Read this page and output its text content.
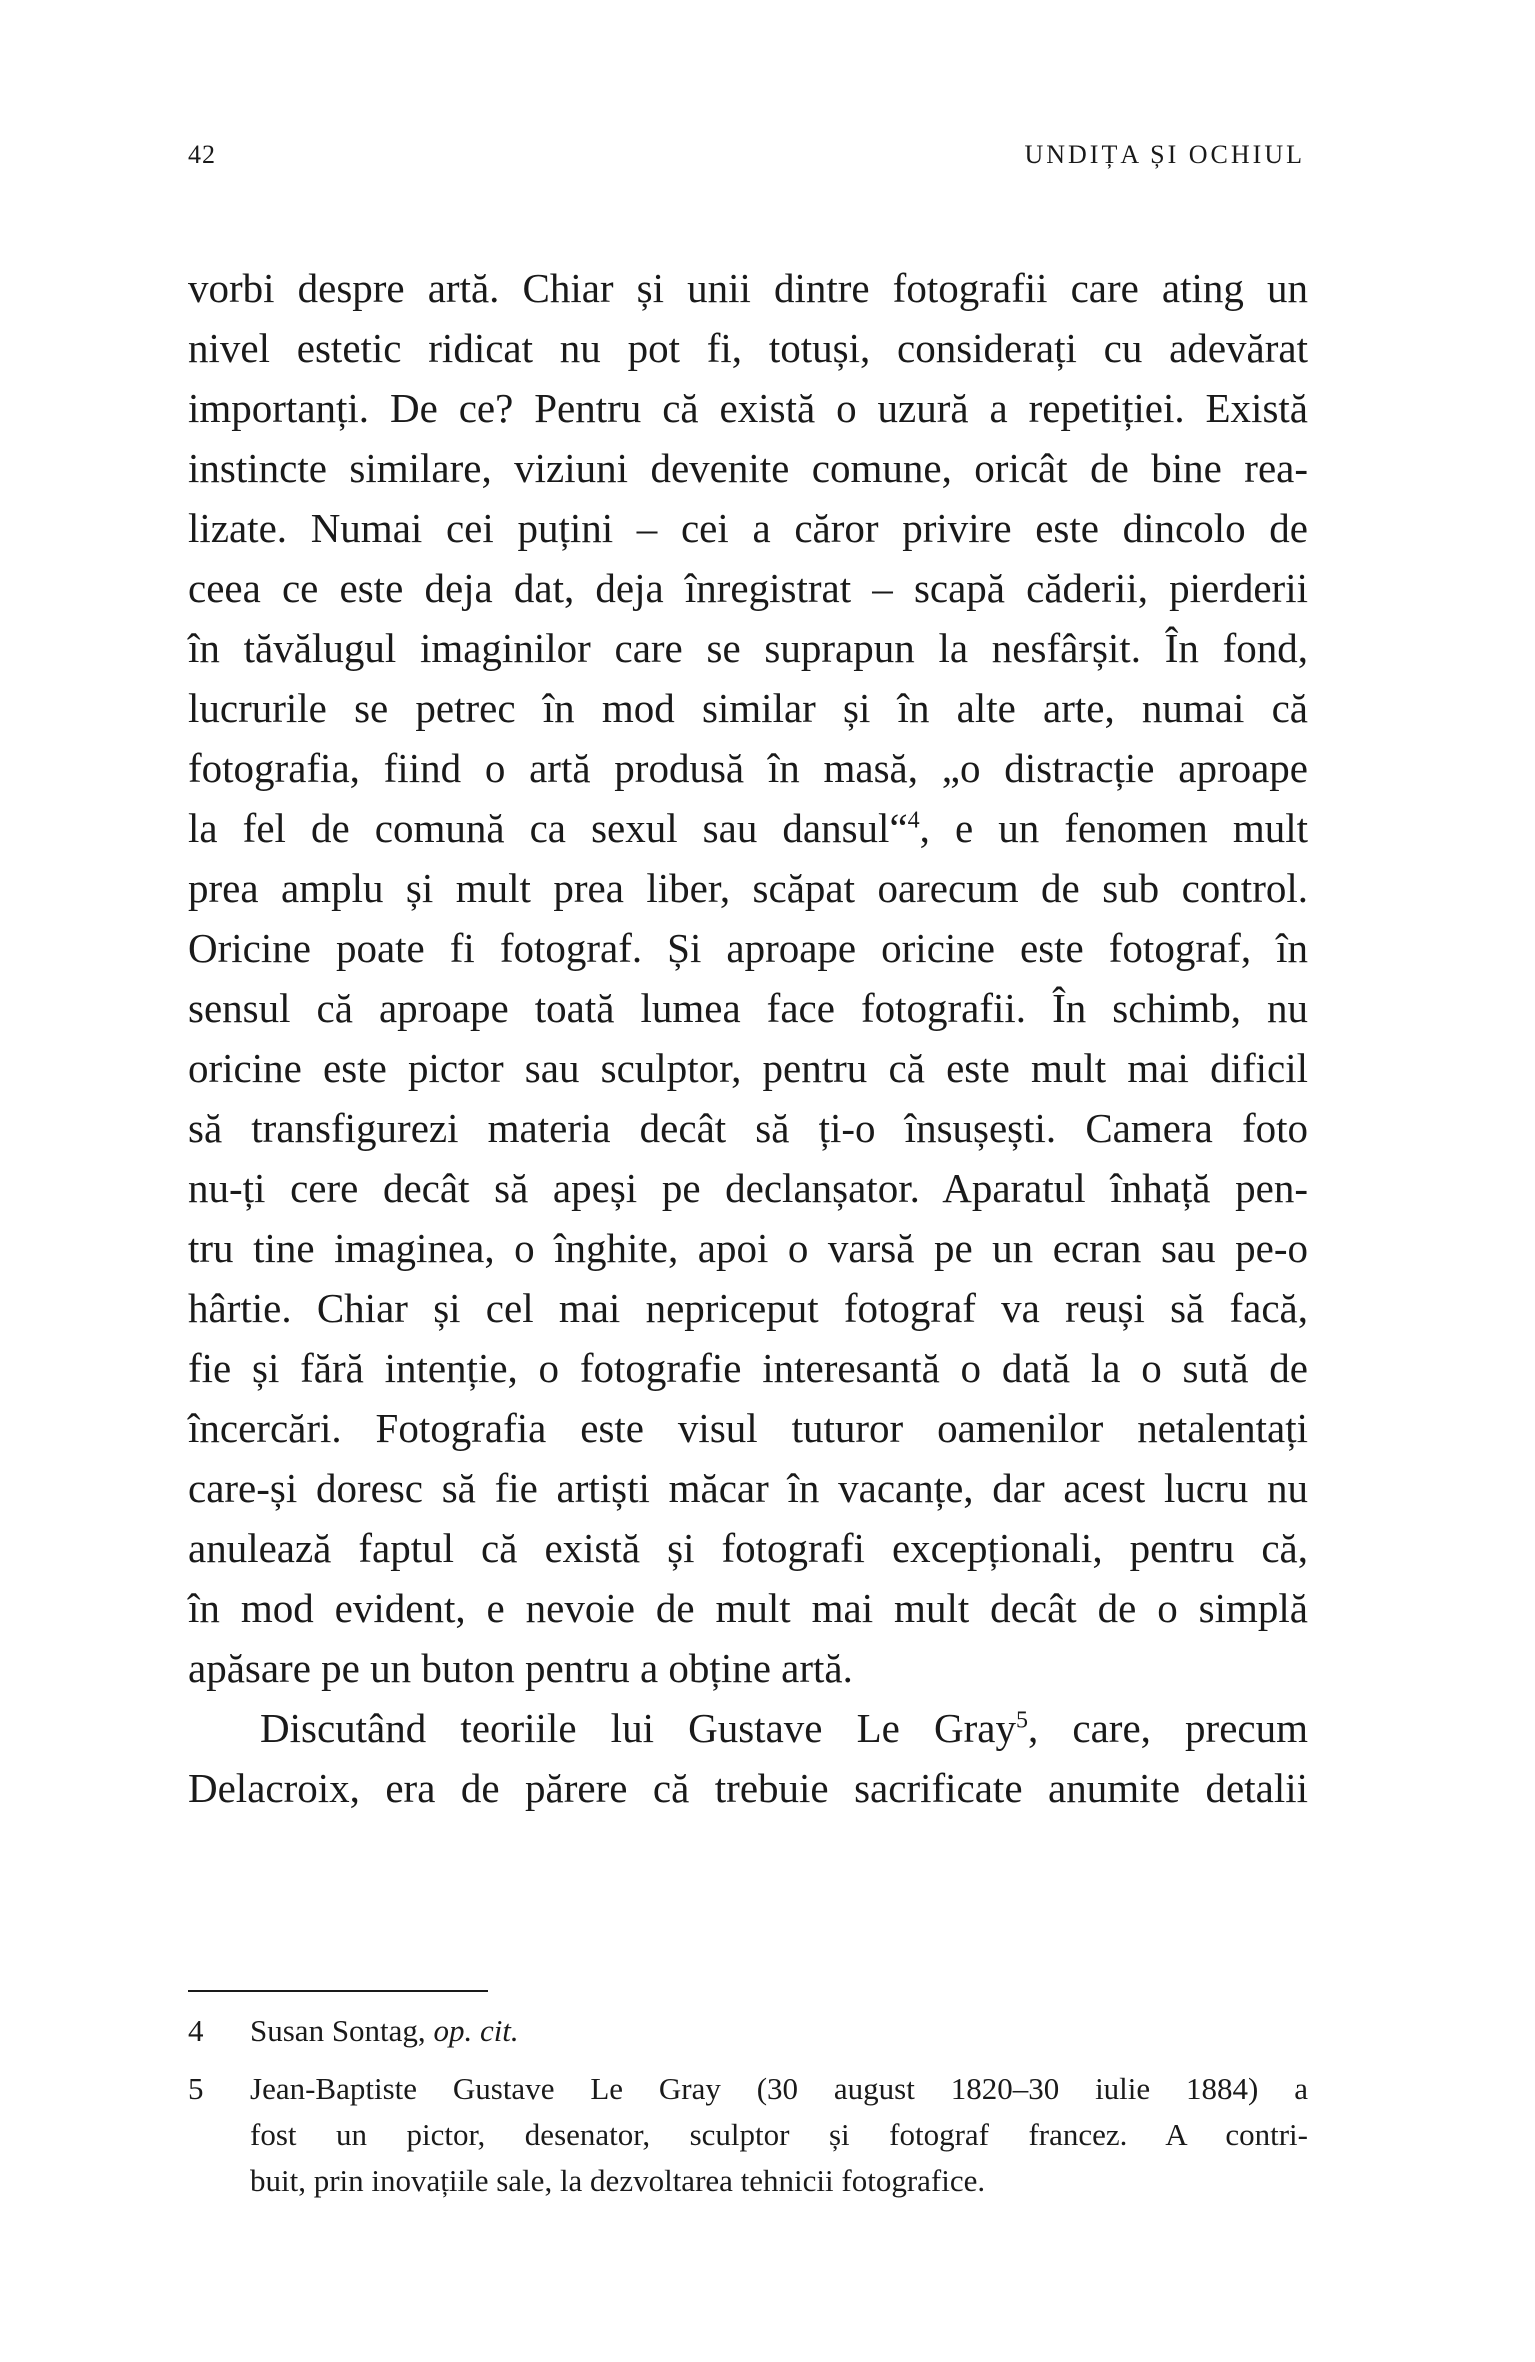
42	UNDIȚA ȘI OCHIUL
vorbi despre artă. Chiar și unii dintre fotografii care ating un
nivel estetic ridicat nu pot fi, totuși, considerați cu adevărat
importanți. De ce? Pentru că există o uzură a repetiției. Există
instincte similare, viziuni devenite comune, oricât de bine rea-
lizate. Numai cei puțini – cei a căror privire este dincolo de
ceea ce este deja dat, deja înregistrat – scapă căderii, pierderii
în tăvălugul imaginilor care se suprapun la nesfârșit. În fond,
lucrurile se petrec în mod similar și în alte arte, numai că
fotografia, fiind o artă produsă în masă, „o distracție aproape
la fel de comună ca sexul sau dansul“$^4$, e un fenomen mult
prea amplu și mult prea liber, scăpat oarecum de sub control.
Oricine poate fi fotograf. Și aproape oricine este fotograf, în
sensul că aproape toată lumea face fotografii. În schimb, nu
oricine este pictor sau sculptor, pentru că este mult mai dificil
să transfigurezi materia decât să ți-o însușești. Camera foto
nu-ți cere decât să apeși pe declanșator. Aparatul înhață pen-
tru tine imaginea, o înghite, apoi o varsă pe un ecran sau pe-o
hârtie. Chiar și cel mai nepriceput fotograf va reuși să facă,
fie și fără intenție, o fotografie interesantă o dată la o sută de
încercări. Fotografia este visul tuturor oamenilor netalentați
care-și doresc să fie artiști măcar în vacanțe, dar acest lucru nu
anulează faptul că există și fotografi excepționali, pentru că,
în mod evident, e nevoie de mult mai mult decât de o simplă
apăsare pe un buton pentru a obține artă.
Discutând teoriile lui Gustave Le Gray$^5$, care, precum
Delacroix, era de părere că trebuie sacrificate anumite detalii
4	Susan Sontag, op. cit.
5	Jean-Baptiste Gustave Le Gray (30 august 1820–30 iulie 1884) a
fost un pictor, desenator, sculptor și fotograf francez. A contri-
buit, prin inovațiile sale, la dezvoltarea tehnicii fotografice.
